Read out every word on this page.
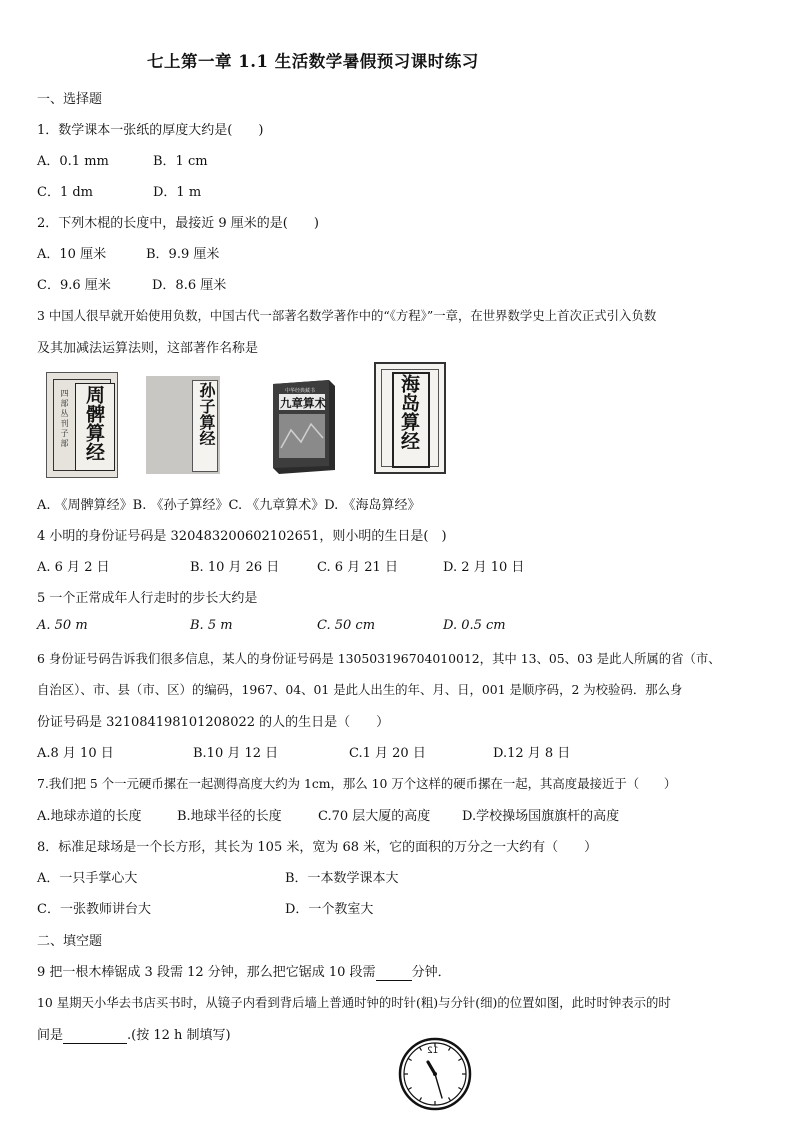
七上第一章 1.1 生活数学暑假预习课时练习
一、选择题
1．数学课本一张纸的厚度大约是(　　)
A．0.1 mm	B．1 cm
C．1 dm	D．1 m
2．下列木棍的长度中，最接近 9 厘米的是(　　)
A．10 厘米	B．9.9 厘米
C．9.6 厘米	D．8.6 厘米
3 中国人很早就开始使用负数，中国古代一部著名数学著作中的“《方程》”一章，在世界数学史上首次正式引入负数
及其加减法运算法则，这部著作名称是
四部丛刊子部 周髀算经	孙子算经	中华经典藏书
九章算术	海岛算经
A. 《周髀算经》B. 《孙子算经》C. 《九章算术》D. 《海岛算经》
4 小明的身份证号码是 320483200602102651，则小明的生日是(　)
A. 6 月 2 日	B. 10 月 26 日	C. 6 月 21 日	D. 2 月 10 日
5 一个正常成年人行走时的步长大约是
A. 50 m	B. 5 m	C. 50 cm	D. 0.5 cm
6 身份证号码告诉我们很多信息，某人的身份证号码是 130503196704010012，其中 13、05、03 是此人所属的省（市、
自治区）、市、县（市、区）的编码，1967、04、01 是此人出生的年、月、日，001 是顺序码，2 为校验码．那么身
份证号码是 321084198101208022 的人的生日是（　　）
A.8 月 10 日	B.10 月 12 日	C.1 月 20 日	D.12 月 8 日
7.我们把 5 个一元硬币摞在一起测得高度大约为 1cm，那么 10 万个这样的硬币摞在一起，其高度最接近于（　　）
A.地球赤道的长度	B.地球半径的长度	C.70 层大厦的高度 D.学校操场国旗旗杆的高度
8．标准足球场是一个长方形，其长为 105 米，宽为 68 米，它的面积的万分之一大约有（　　）
A．一只手掌心大	B．一本数学课本大
C．一张教师讲台大	D．一个教室大
二、填空题
9 把一根木棒锯成 3 段需 12 分钟，那么把它锯成 10 段需	分钟．
10 星期天小华去书店买书时，从镜子内看到背后墙上普通时钟的时针(粗)与分针(细)的位置如图，此时时钟表示的时
间是	.(按 12 h 制填写)
12
